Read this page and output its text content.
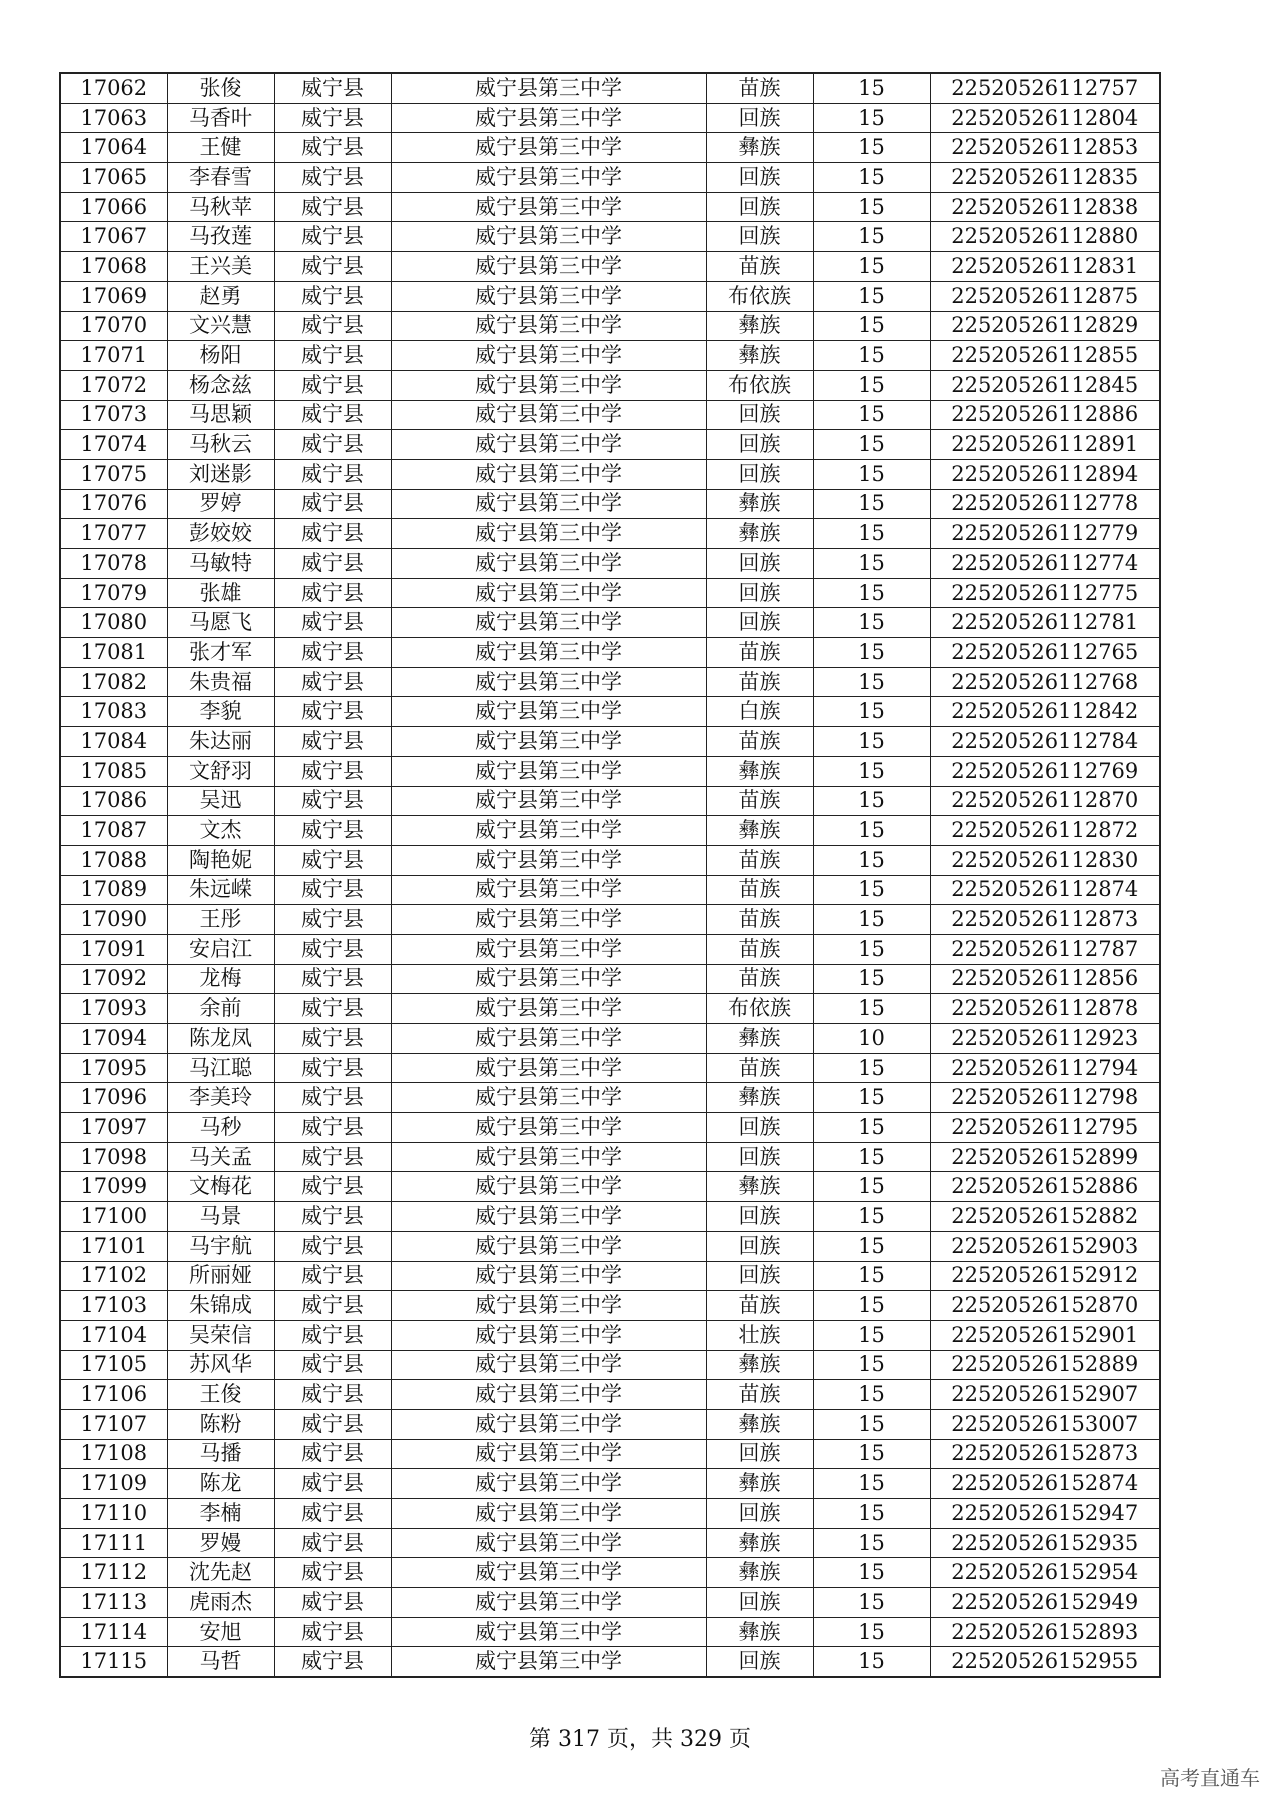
17062	张俊	威宁县	威宁县第三中学	苗族	15	22520526112757
17063	马香叶	威宁县	威宁县第三中学	回族	15	22520526112804
17064	王健	威宁县	威宁县第三中学	彝族	15	22520526112853
17065	李春雪	威宁县	威宁县第三中学	回族	15	22520526112835
17066	马秋苹	威宁县	威宁县第三中学	回族	15	22520526112838
17067	马孜莲	威宁县	威宁县第三中学	回族	15	22520526112880
17068	王兴美	威宁县	威宁县第三中学	苗族	15	22520526112831
17069	赵勇	威宁县	威宁县第三中学	布依族	15	22520526112875
17070	文兴慧	威宁县	威宁县第三中学	彝族	15	22520526112829
17071	杨阳	威宁县	威宁县第三中学	彝族	15	22520526112855
17072	杨念兹	威宁县	威宁县第三中学	布依族	15	22520526112845
17073	马思颖	威宁县	威宁县第三中学	回族	15	22520526112886
17074	马秋云	威宁县	威宁县第三中学	回族	15	22520526112891
17075	刘迷影	威宁县	威宁县第三中学	回族	15	22520526112894
17076	罗婷	威宁县	威宁县第三中学	彝族	15	22520526112778
17077	彭姣姣	威宁县	威宁县第三中学	彝族	15	22520526112779
17078	马敏特	威宁县	威宁县第三中学	回族	15	22520526112774
17079	张雄	威宁县	威宁县第三中学	回族	15	22520526112775
17080	马愿飞	威宁县	威宁县第三中学	回族	15	22520526112781
17081	张才军	威宁县	威宁县第三中学	苗族	15	22520526112765
17082	朱贵福	威宁县	威宁县第三中学	苗族	15	22520526112768
17083	李貌	威宁县	威宁县第三中学	白族	15	22520526112842
17084	朱达丽	威宁县	威宁县第三中学	苗族	15	22520526112784
17085	文舒羽	威宁县	威宁县第三中学	彝族	15	22520526112769
17086	吴迅	威宁县	威宁县第三中学	苗族	15	22520526112870
17087	文杰	威宁县	威宁县第三中学	彝族	15	22520526112872
17088	陶艳妮	威宁县	威宁县第三中学	苗族	15	22520526112830
17089	朱远嵘	威宁县	威宁县第三中学	苗族	15	22520526112874
17090	王彤	威宁县	威宁县第三中学	苗族	15	22520526112873
17091	安启江	威宁县	威宁县第三中学	苗族	15	22520526112787
17092	龙梅	威宁县	威宁县第三中学	苗族	15	22520526112856
17093	余前	威宁县	威宁县第三中学	布依族	15	22520526112878
17094	陈龙凤	威宁县	威宁县第三中学	彝族	10	22520526112923
17095	马江聪	威宁县	威宁县第三中学	苗族	15	22520526112794
17096	李美玲	威宁县	威宁县第三中学	彝族	15	22520526112798
17097	马秒	威宁县	威宁县第三中学	回族	15	22520526112795
17098	马关孟	威宁县	威宁县第三中学	回族	15	22520526152899
17099	文梅花	威宁县	威宁县第三中学	彝族	15	22520526152886
17100	马景	威宁县	威宁县第三中学	回族	15	22520526152882
17101	马宇航	威宁县	威宁县第三中学	回族	15	22520526152903
17102	所丽娅	威宁县	威宁县第三中学	回族	15	22520526152912
17103	朱锦成	威宁县	威宁县第三中学	苗族	15	22520526152870
17104	吴荣信	威宁县	威宁县第三中学	壮族	15	22520526152901
17105	苏风华	威宁县	威宁县第三中学	彝族	15	22520526152889
17106	王俊	威宁县	威宁县第三中学	苗族	15	22520526152907
17107	陈粉	威宁县	威宁县第三中学	彝族	15	22520526153007
17108	马播	威宁县	威宁县第三中学	回族	15	22520526152873
17109	陈龙	威宁县	威宁县第三中学	彝族	15	22520526152874
17110	李楠	威宁县	威宁县第三中学	回族	15	22520526152947
17111	罗嫚	威宁县	威宁县第三中学	彝族	15	22520526152935
17112	沈先赵	威宁县	威宁县第三中学	彝族	15	22520526152954
17113	虎雨杰	威宁县	威宁县第三中学	回族	15	22520526152949
17114	安旭	威宁县	威宁县第三中学	彝族	15	22520526152893
17115	马哲	威宁县	威宁县第三中学	回族	15	22520526152955
第 317 页，共 329 页
高考直通车
